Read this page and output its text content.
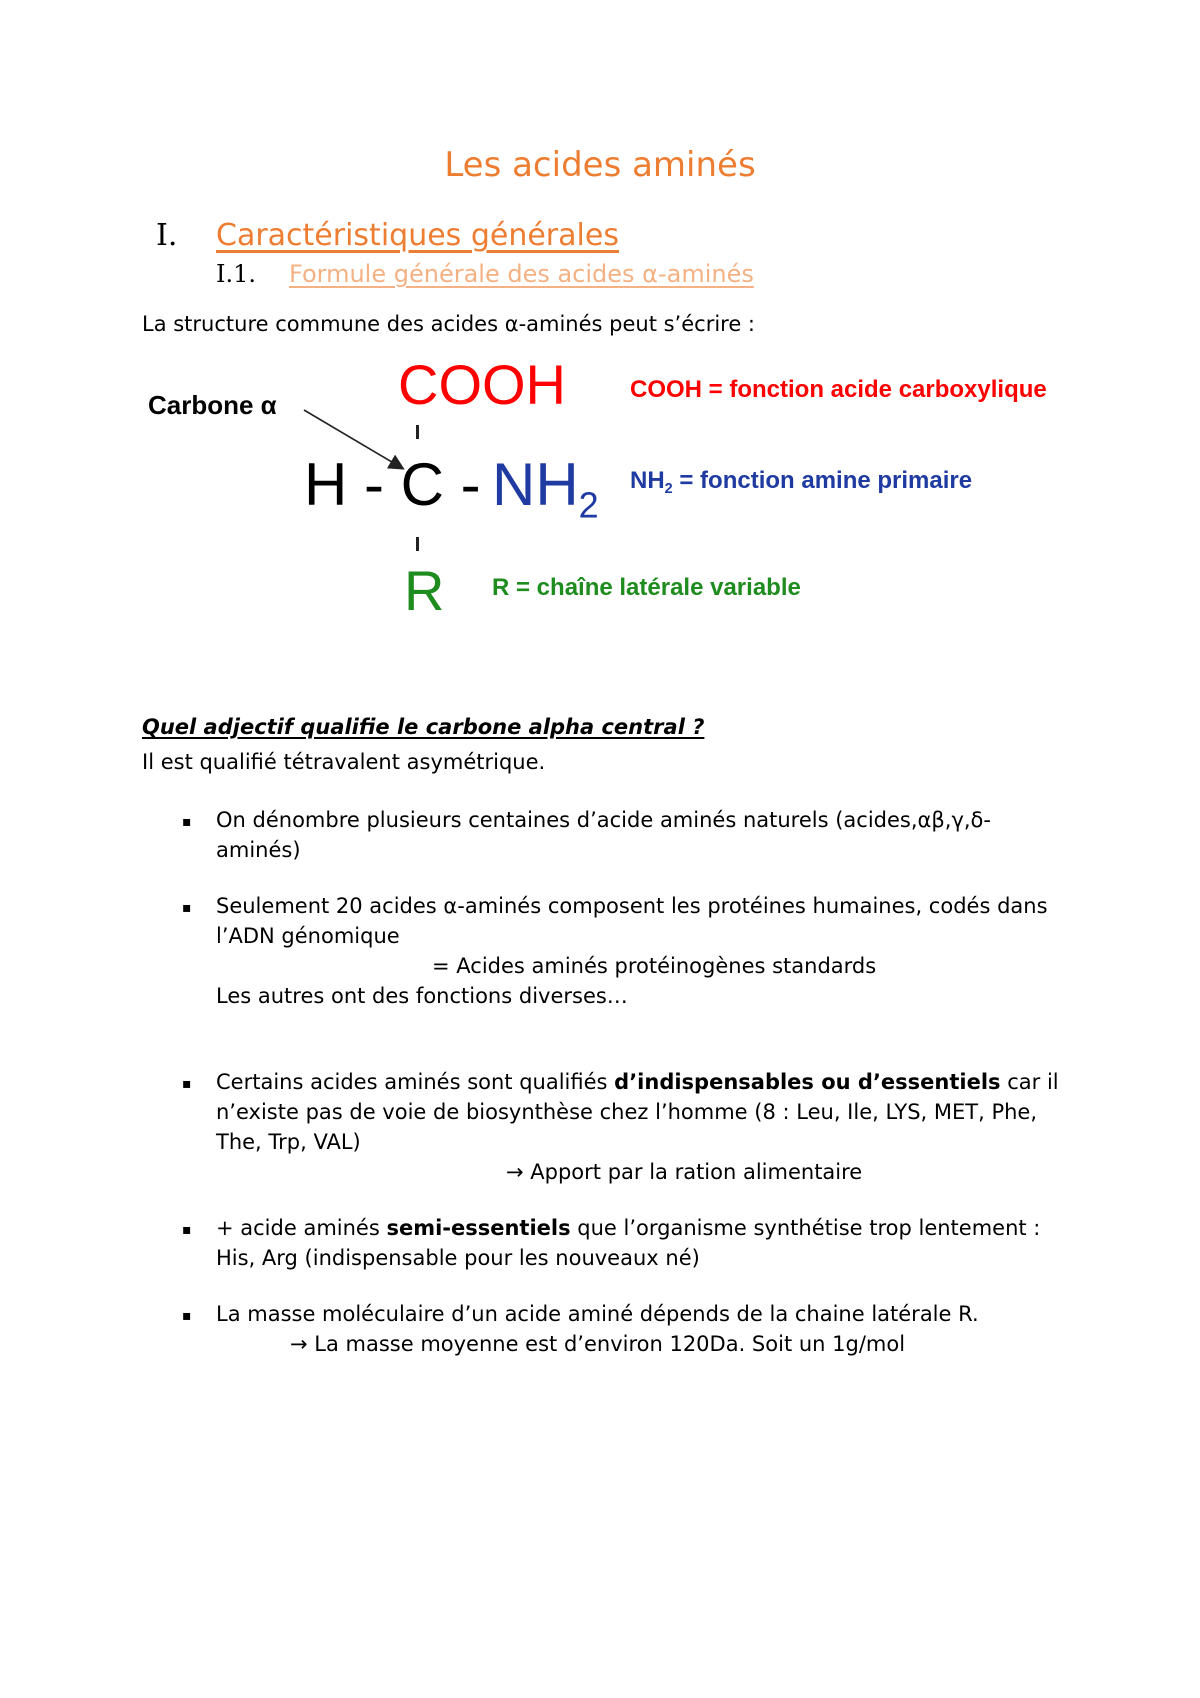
Les acides aminés
I. Caractéristiques générales
I.1. Formule générale des acides α-aminés
La structure commune des acides α-aminés peut s’écrire :
Carbone α COOH
H - C - $NH_2$
R
COOH = fonction acide carboxylique
$NH_2$ = fonction amine primaire
R = chaîne latérale variable
Quel adjectif qualifie le carbone alpha central ?
Il est qualifié tétravalent asymétrique.
▪ On dénombre plusieurs centaines d’acide aminés naturels (acides,αβ,γ,δ-
aminés)
▪ Seulement 20 acides α-aminés composent les protéines humaines, codés dans
l’ADN génomique
= Acides aminés protéinogènes standards
Les autres ont des fonctions diverses…
▪ Certains acides aminés sont qualifiés d’indispensables ou d’essentiels car il
n’existe pas de voie de biosynthèse chez l’homme (8 : Leu, Ile, LYS, MET, Phe,
The, Trp, VAL)
→ Apport par la ration alimentaire
▪ + acide aminés semi-essentiels que l’organisme synthétise trop lentement :
His, Arg (indispensable pour les nouveaux né)
▪ La masse moléculaire d’un acide aminé dépends de la chaine latérale R.
→ La masse moyenne est d’environ 120Da. Soit un 1g/mol
